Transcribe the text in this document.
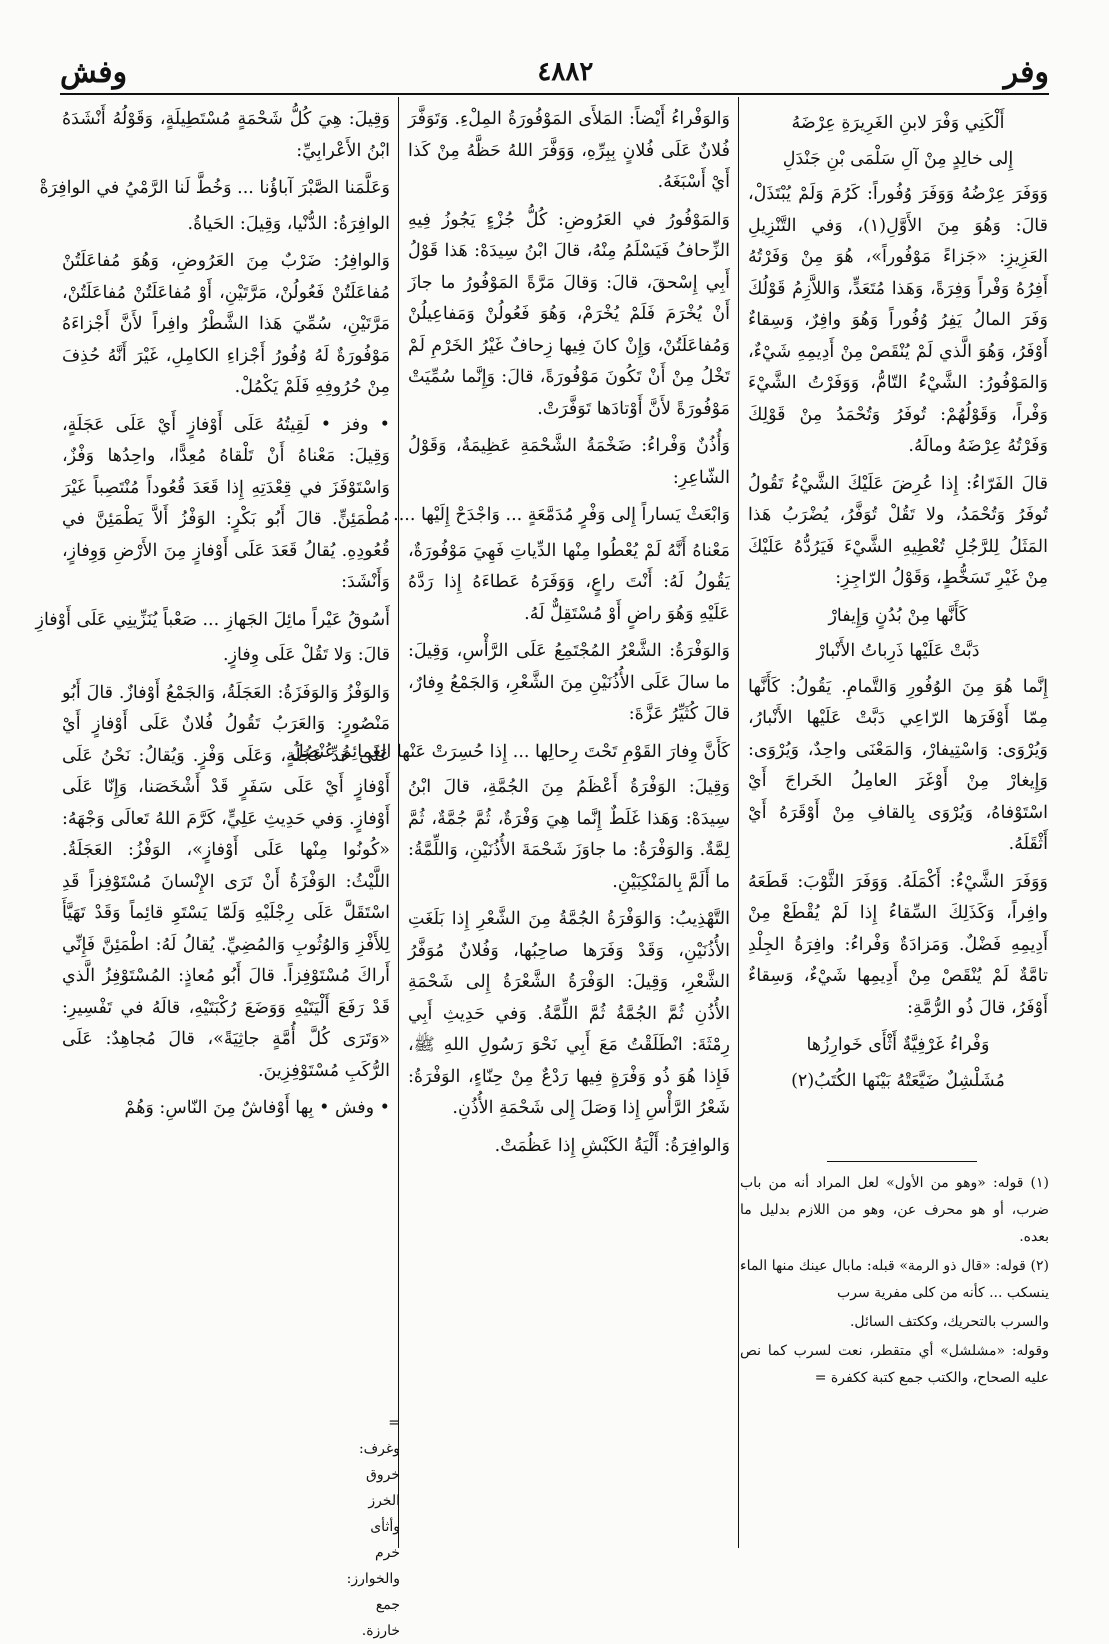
وفر
٤٨٨٢
وفش

أَلْكَنِي وَفْرَ لابنِ الغَرِيرَةِ عِرْضَهُ

إِلى خالِدٍ مِنْ آلِ سَلْمَى بْنِ جَنْدَلِ

وَوَفَرَ عِرْضُهُ وَوَفَرَ وُفُوراً: كَرُمَ وَلَمْ يُبْتَذَلْ، قالَ: وَهُوَ مِنَ الأَوَّلِ(١)، وَفي التَّنْزِيلِ العَزِيزِ: «جَزاءً مَوْفُوراً»، هُوَ مِنْ وَفَرْتُهُ أَفِرُهُ وَفْراً وَفِرَةً، وَهَذا مُتَعَدٍّ، وَاللاَّزِمُ قَوْلُكَ وَفَرَ المالُ يَفِرُ وُفُوراً وَهُوَ وافِرٌ، وَسِقاءٌ أَوْفَرُ، وَهُوَ الَّذي لَمْ يُنْقَصْ مِنْ أَدِيمِهِ شَيْءٌ، وَالمَوْفُورُ: الشَّيْءُ التّامُّ، وَوَفَرْتُ الشَّيْءَ وَفْراً، وَقَوْلُهُمْ: تُوفَرُ وَتُحْمَدُ مِنْ قَوْلِكَ وَفَرْتُهُ عِرْضَهُ ومالَهُ.

قالَ الفَرّاءُ: إِذا عُرِضَ عَلَيْكَ الشَّيْءُ تَقُولُ تُوفَرُ وَتُحْمَدُ، ولا تَقُلْ تُوَفَّرُ، يُضْرَبُ هَذا المَثَلُ لِلرَّجُلِ تُعْطِيهِ الشَّيْءَ فَيَرُدُّهُ عَلَيْكَ مِنْ غَيْرِ تَسَخُّطٍ، وَقَوْلُ الرّاجِزِ:

كَأَنَّها مِنْ بُدُنٍ وَإِيفارْ

دَبَّتْ عَلَيْها ذَرِباتُ الأَنْبارْ

إِنَّما هُوَ مِنَ الوُفُورِ وَالتَّمامِ. يَقُولُ: كَأَنَّها مِمّا أَوْفَرَها الرّاعِي دَبَّتْ عَلَيْها الأَنْبارُ، وَيُرْوَى: وَاسْتِيفارْ، وَالمَعْنَى واحِدٌ، وَيُرْوَى: وَإِيغارْ مِنْ أَوْغَرَ العامِلُ الخَراجَ أَيْ اسْتَوْفاهُ، وَيُرْوَى بِالقافِ مِنْ أَوْقَرَهُ أَيْ أَثْقَلَهُ.

وَوَفَرَ الشَّيْءُ: أَكْمَلَهُ. وَوَفَرَ الثَّوْبَ: قَطَعَهُ وافِراً، وَكَذَلِكَ السِّقاءُ إِذا لَمْ يُقْطَعْ مِنْ أَدِيمِهِ فَضْلٌ. وَمَزادَةٌ وَفْراءُ: وافِرَةُ الجِلْدِ تامَّةٌ لَمْ يُنْقَصْ مِنْ أَدِيمِها شَيْءٌ، وَسِقاءٌ أَوْفَرُ، قالَ ذُو الرُّمَّةِ:

وَفْراءُ غَرْفِيَّةٌ أَثْأَى خَوارِزُها

مُشَلْشِلٌ ضَيَّعَتْهُ بَيْنَها الكُتَبُ(٢)

(١) قوله: «وهو من الأول» لعل المراد أنه من باب ضرب، أو هو محرف عن، وهو من اللازم بدليل ما بعده.

(٢) قوله: «قال ذو الرمة» قبله: مابال عينك منها الماء ينسكب ... كأنه من كلى مفرية سرب

والسرب بالتحريك، وككتف السائل.

وقوله: «مشلشل» أي متقطر، نعت لسرب كما نص عليه الصحاح، والكتب جمع كتبة ككفرة =

وَالوَفْراءُ أَيْضاً: المَلأَى المَوْفُورَةُ المِلْءِ. وَتَوَفَّرَ فُلانٌ عَلَى فُلانٍ بِبِرِّهِ، وَوَفَّرَ اللهُ حَظَّهُ مِنْ كَذا أَيْ أَسْبَغَهُ.

وَالمَوْفُورُ في العَرُوضِ: كُلُّ جُزْءٍ يَجُوزُ فِيهِ الزِّحافُ فَيَسْلَمُ مِنْهُ، قالَ ابْنُ سِيدَهْ: هَذا قَوْلُ أَبِي إِسْحقَ، قالَ: وَقالَ مَرَّةً المَوْفُورُ ما جازَ أَنْ يُخْرَمَ فَلَمْ يُخْرَمْ، وَهُوَ فَعُولُنْ وَمَفاعِيلُنْ وَمُفاعَلَتُنْ، وَإِنْ كانَ فِيها زِحافٌ غَيْرُ الخَرْمِ لَمْ تَخْلُ مِنْ أَنْ تَكُونَ مَوْفُورَةً، قالَ: وَإِنَّما سُمِّيَتْ مَوْفُورَةً لأَنَّ أَوْتادَها تَوَفَّرَتْ.

وَأُذُنٌ وَفْراءُ: ضَخْمَةُ الشَّحْمَةِ عَظِيمَةٌ، وَقَوْلُ الشّاعِرِ:

وَابْعَثْ يَساراً إِلى وَفْرٍ مُدَمَّعَةٍ ... وَاجْدَحْ إِلَيْها ....

مَعْناهُ أَنَّهُ لَمْ يُعْطُوا مِنْها الدِّياتِ فَهِيَ مَوْفُورَةٌ، يَقُولُ لَهُ: أَنْتَ راعٍ، وَوَفَرَهُ عَطاءَهُ إِذا رَدَّهُ عَلَيْهِ وَهُوَ راضٍ أَوْ مُسْتَقِلٌّ لَهُ.

وَالوَفْرَةُ: الشَّعْرُ المُجْتَمِعُ عَلَى الرَّأْسِ، وَقِيلَ: ما سالَ عَلَى الأُذُنَيْنِ مِنَ الشَّعْرِ، وَالجَمْعُ وِفارٌ، قالَ كُثَيِّرُ عَزَّةَ:

كَأَنَّ وِفارَ القَوْمِ تَحْتَ رِحالِها ... إِذا حُسِرَتْ عَنْها العَمائِمُ عُنْصُلُ

وَقِيلَ: الوَفْرَةُ أَعْظَمُ مِنَ الجُمَّةِ، قالَ ابْنُ سِيدَهْ: وَهَذا غَلَطٌ إِنَّما هِيَ وَفْرَةٌ، ثُمَّ جُمَّةٌ، ثُمَّ لِمَّةٌ. وَالوَفْرَةُ: ما جاوَزَ شَحْمَةَ الأُذُنَيْنِ، وَاللِّمَّةُ: ما أَلَمَّ بِالمَنْكِبَيْنِ.

التَّهْذِيبُ: وَالوَفْرَةُ الجُمَّةُ مِنَ الشَّعْرِ إِذا بَلَغَتِ الأُذُنَيْنِ، وَقَدْ وَفَرَها صاحِبُها، وَفُلانٌ مُوَفَّرُ الشَّعْرِ، وَقِيلَ: الوَفْرَةُ الشَّعْرَةُ إِلى شَحْمَةِ الأُذُنِ ثُمَّ الجُمَّةُ ثُمَّ اللِّمَّةُ. وَفي حَدِيثِ أَبِي رِمْثَةَ: انْطَلَقْتُ مَعَ أَبِي نَحْوَ رَسُولِ اللهِ ﷺ، فَإِذا هُوَ ذُو وَفْرَةٍ فِيها رَدْعٌ مِنْ حِنّاءٍ، الوَفْرَةُ: شَعْرُ الرَّأْسِ إِذا وَصَلَ إِلى شَحْمَةِ الأُذُنِ.

وَالوافِرَةُ: أَلْيَةُ الكَبْشِ إِذا عَظُمَتْ.

= وغرف: خروق الخرز وأثأى خرم والخوارز: جمع خارزة.

وَقِيلَ: هِيَ كُلُّ شَحْمَةٍ مُسْتَطِيلَةٍ، وَقَوْلُهُ أَنْشَدَهُ ابْنُ الأَعْرابِيِّ:

وَعَلَّمَنا الصَّبْرَ آباؤُنا ... وَخُطَّ لَنا الرَّمْيُ في الوافِرَةْ

الوافِرَةُ: الدُّنْيا، وَقِيلَ: الحَياةُ.

وَالوافِرُ: ضَرْبٌ مِنَ العَرُوضِ، وَهُوَ مُفاعَلَتُنْ مُفاعَلَتُنْ فَعُولُنْ، مَرَّتَيْنِ، أَوْ مُفاعَلَتُنْ مُفاعَلَتُنْ، مَرَّتَيْنِ، سُمِّيَ هَذا الشَّطْرُ وافِراً لأَنَّ أَجْزاءَهُ مَوْفُورَةٌ لَهُ وُفُورُ أَجْزاءِ الكامِلِ، غَيْرَ أَنَّهُ حُذِفَ مِنْ حُرُوفِهِ فَلَمْ يَكْمُلْ.

• وفز • لَقِيتُهُ عَلَى أَوْفازٍ أَيْ عَلَى عَجَلَةٍ، وَقِيلَ: مَعْناهُ أَنْ تَلْقاهُ مُعِدًّا، واحِدُها وَفْزٌ، وَاسْتَوْفَزَ في قِعْدَتِهِ إِذا قَعَدَ قُعُوداً مُنْتَصِباً غَيْرَ مُطْمَئِنٍّ. قالَ أَبُو بَكْرٍ: الوَفْزُ أَلاَّ يَطْمَئِنَّ في قُعُودِهِ. يُقالُ قَعَدَ عَلَى أَوْفازٍ مِنَ الأَرْضِ وَوِفازٍ، وَأَنْشَدَ:

أَسُوقُ عَيْراً مائِلَ الجَهازِ ... صَعْباً يُنَزِّينِي عَلَى أَوْفازِ

قالَ: وَلا تَقُلْ عَلَى وِفازٍ.

وَالوَفْزُ وَالوَفَزَةُ: العَجَلَةُ، وَالجَمْعُ أَوْفازٌ. قالَ أَبُو مَنْصُورٍ: وَالعَرَبُ تَقُولُ فُلانٌ عَلَى أَوْفازٍ أَيْ عَلَى حَدِّ عَجَلَةٍ، وَعَلَى وَفْزٍ. وَيُقالُ: نَحْنُ عَلَى أَوْفازٍ أَيْ عَلَى سَفَرٍ قَدْ أَشْخَصَنا، وَإِنّا عَلَى أَوْفازٍ. وَفي حَدِيثِ عَلِيٍّ، كَرَّمَ اللهُ تَعالَى وَجْهَهُ: «كُونُوا مِنْها عَلَى أَوْفازٍ»، الوَفْزُ: العَجَلَةُ. اللَّيْثُ: الوَفْزَةُ أَنْ تَرَى الإِنْسانَ مُسْتَوْفِزاً قَدِ اسْتَقَلَّ عَلَى رِجْلَيْهِ وَلَمّا يَسْتَوِ قائِماً وَقَدْ تَهَيَّأَ لِلأَفْزِ وَالوُثُوبِ وَالمُضِيِّ. يُقالُ لَهُ: اطْمَئِنَّ فَإِنِّي أَراكَ مُسْتَوْفِزاً. قالَ أَبُو مُعاذٍ: المُسْتَوْفِزُ الَّذي قَدْ رَفَعَ أَلْيَتَيْهِ وَوَضَعَ رُكْبَتَيْهِ، قالَهُ في تَفْسِيرِ: «وَتَرَى كُلَّ أُمَّةٍ جاثِيَةً»، قالَ مُجاهِدٌ: عَلَى الرُّكَبِ مُسْتَوْفِزِينَ.

• وفش • بِها أَوْفاشٌ مِنَ النّاسِ: وَهُمْ
